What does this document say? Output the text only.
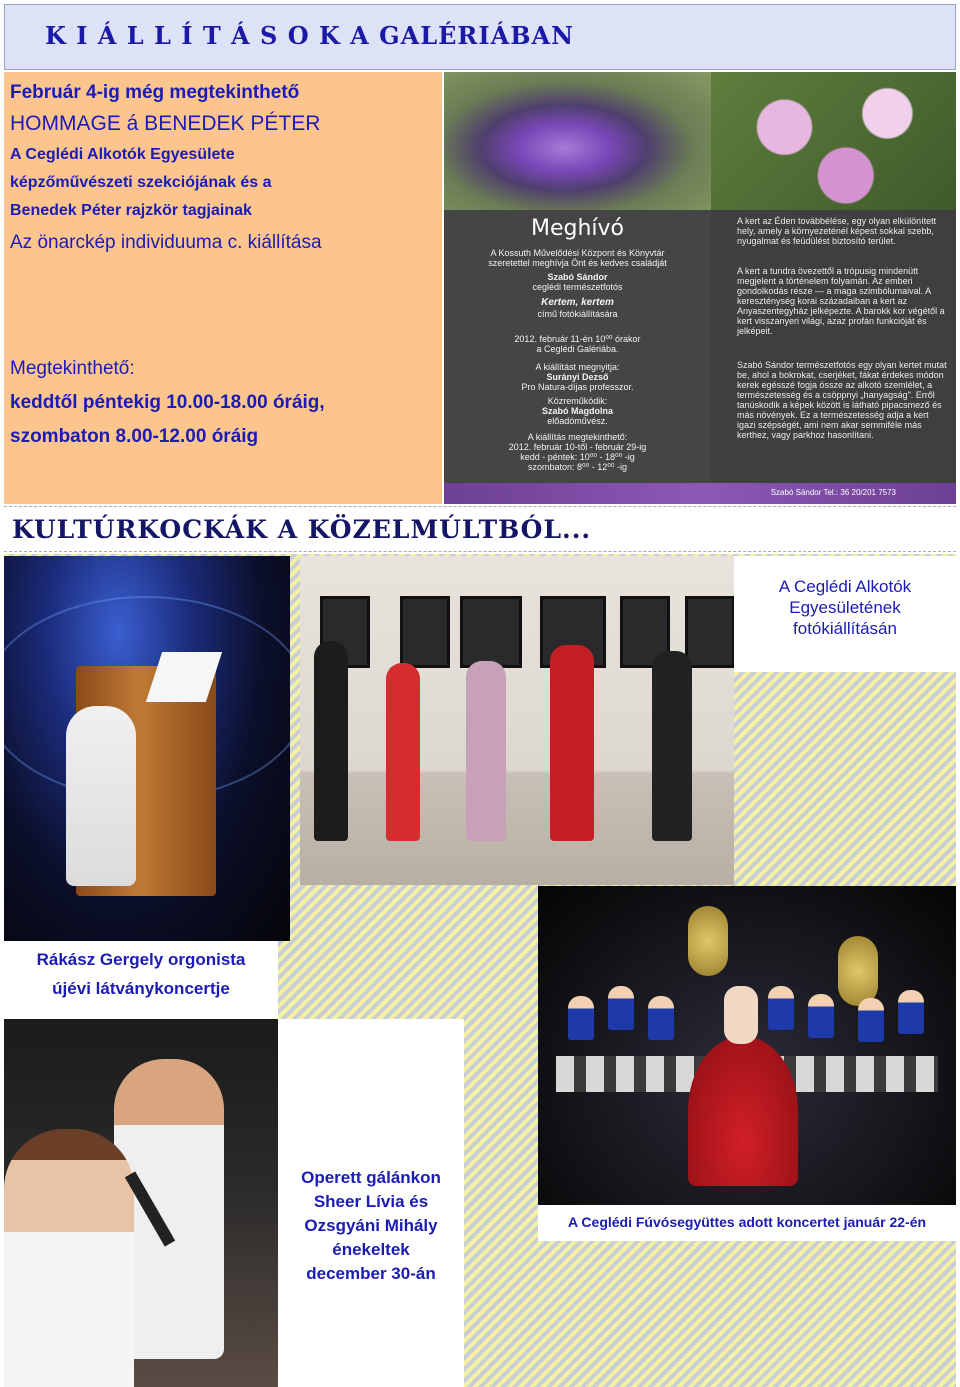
K I Á L L Í T Á S O K A GALÉRIÁBAN
Február 4-ig még megtekinthető
HOMMAGE á BENEDEK PÉTER
A Ceglédi Alkotók Egyesülete
képzőművészeti szekciójának és a
Benedek Péter rajzkör tagjainak
Az önarckép individuuma c. kiállítása
Megtekinthető:
keddtől péntekig 10.00-18.00 óráig,
szombaton 8.00-12.00 óráig
Meghívó
A Kossuth Művelődési Központ és Könyvtár
szeretettel meghívja Önt és kedves családját
Szabó Sándor
ceglédi természetfotós
Kertem, kertem
című fotókiállítására
2012. február 11-én 10⁰⁰ órakor
a Ceglédi Galériába.
A kiállítást megnyitja:
Surányi Dezső
Pro Natura-díjas professzor.
Közreműködik:
Szabó Magdolna
előadóművész.
A kiállítás megtekinthető:
2012. február 10-től - február 29-ig
kedd - péntek: 10⁰⁰ - 18⁰⁰ -ig
szombaton: 8⁰⁰ - 12⁰⁰ -ig
A kert az Éden továbbélése, egy olyan elkülönített hely, amely a környezeténél képest sokkal szebb, nyugalmat és feüdülést biztosító terület.
A kert a tundra övezettől a trópusig mindenütt megjelent a történelem folyamán. Az emberi gondolkodás része — a maga szimbólumaival. A kereszténység korai századaiban a kert az Anyaszentegyház jelképezte. A barokk kor végétől a kert visszanyeri világi, azaz profán funkcióját és jelképeit.
Szabó Sándor természetfotós egy olyan kertet mutat be, ahol a bokrokat, cserjéket, fákat érdekes módon kerek egésszé fogja össze az alkotó szemlélet, a természetesség és a csöppnyi „hanyagság". Erről tanúskodik a képek között is látható pipacsmező és más növények. Ez a természetesség adja a kert igazi szépségét, ami nem akar semmiféle más kerthez, vagy parkhoz hasonlítani.
Szabó Sándor Tel.: 36 20/201 7573
KULTÚRKOCKÁK A KÖZELMÚLTBÓL...
A Ceglédi Alkotók
Egyesületének
fotókiállításán
Rákász Gergely orgonista
újévi látványkoncertje
Operett gálánkon
Sheer Lívia és
Ozsgyáni Mihály
énekeltek
december 30-án
A Ceglédi Fúvósegyüttes adott koncertet január 22-én
